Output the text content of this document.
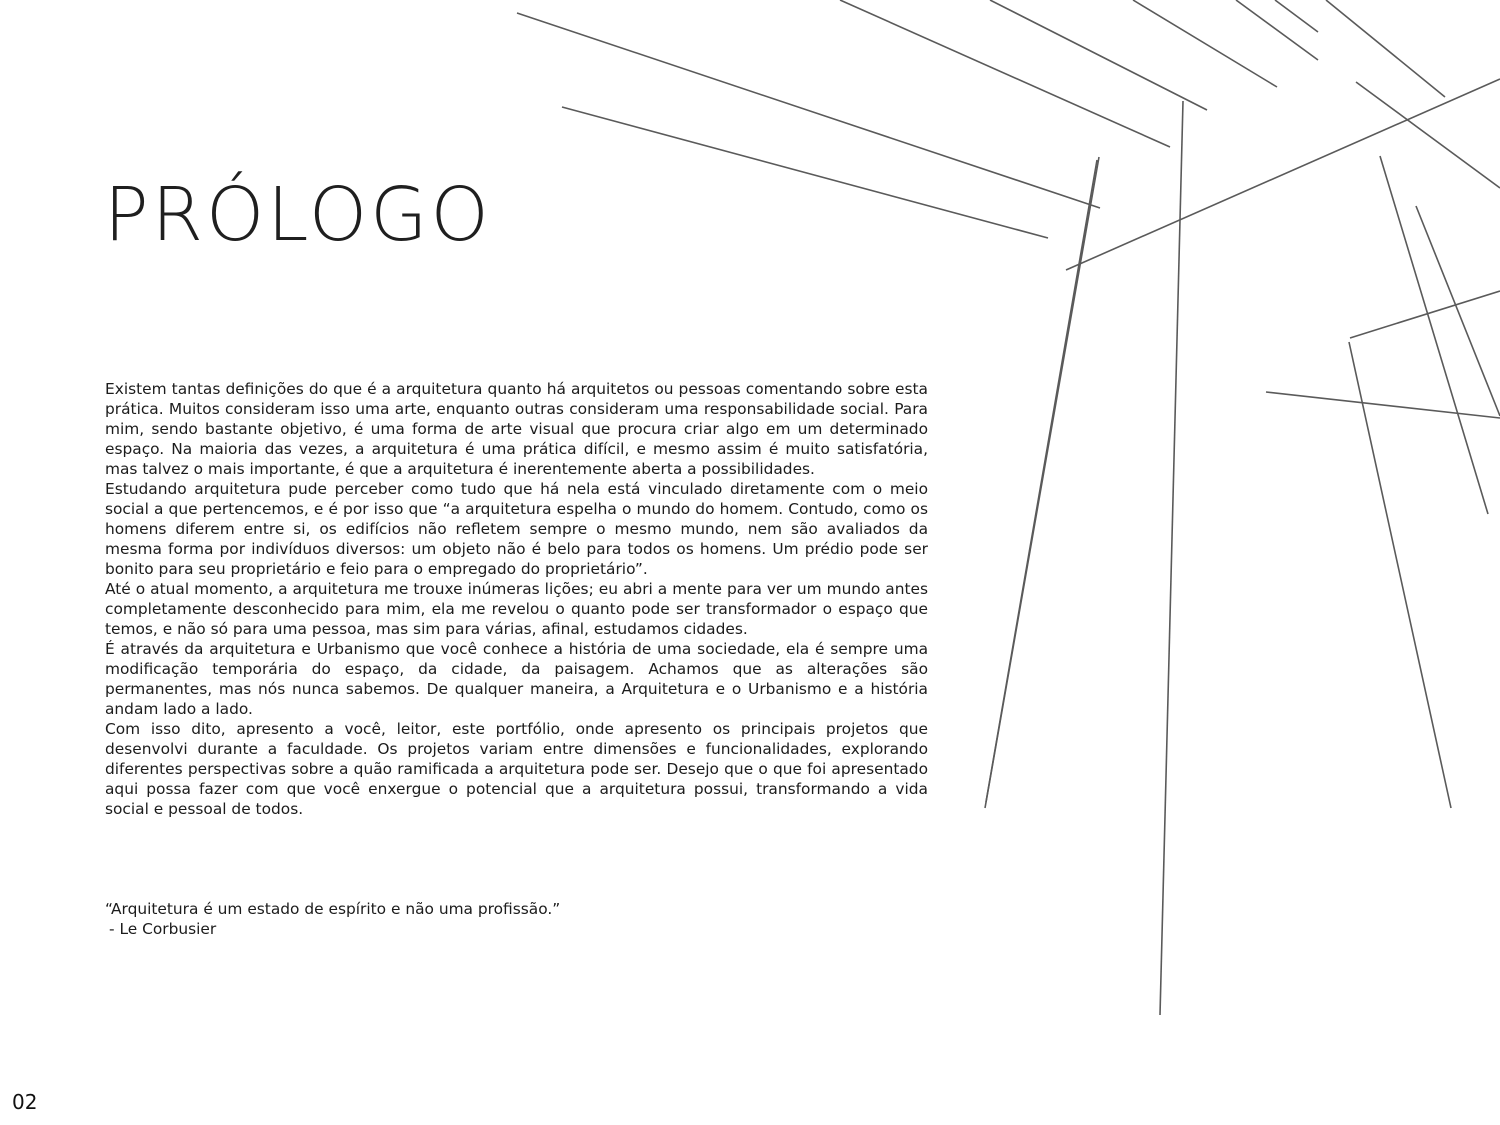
PRÓLOGO

Existem tantas definições do que é a arquitetura quanto há arquitetos ou pessoas comentando sobre esta prática. Muitos consideram isso uma arte, enquanto outras consideram uma responsabilidade social. Para mim, sendo bastante objetivo, é uma forma de arte visual que procura criar algo em um determinado espaço. Na maioria das vezes, a arquitetura é uma prática difícil, e mesmo assim é muito satisfatória, mas talvez o mais importante, é que a arquitetura é inerentemente aberta a possibilidades.

Estudando arquitetura pude perceber como tudo que há nela está vinculado diretamente com o meio social a que pertencemos, e é por isso que “a arquitetura espelha o mundo do homem. Contudo, como os homens diferem entre si, os edifícios não refletem sempre o mesmo mundo, nem são avaliados da mesma forma por indivíduos diversos: um objeto não é belo para todos os homens. Um prédio pode ser bonito para seu proprietário e feio para o empregado do proprietário”.

Até o atual momento, a arquitetura me trouxe inúmeras lições; eu abri a mente para ver um mundo antes completamente desconhecido para mim, ela me revelou o quanto pode ser transformador o espaço que temos, e não só para uma pessoa, mas sim para várias, afinal, estudamos cidades.

É através da arquitetura e Urbanismo que você conhece a história de uma sociedade, ela é sempre uma modificação temporária do espaço, da cidade, da paisagem. Achamos que as alterações são permanentes, mas nós nunca sabemos. De qualquer maneira, a Arquitetura e o Urbanismo e a história andam lado a lado.

Com isso dito, apresento a você, leitor, este portfólio, onde apresento os principais projetos que desenvolvi durante a faculdade. Os projetos variam entre dimensões e funcionalidades, explorando diferentes perspectivas sobre a quão ramificada a arquitetura pode ser. Desejo que o que foi apresentado aqui possa fazer com que você enxergue o potencial que a arquitetura possui, transformando a vida social e pessoal de todos.

“Arquitetura é um estado de espírito e não uma profissão.”

- Le Corbusier

02
